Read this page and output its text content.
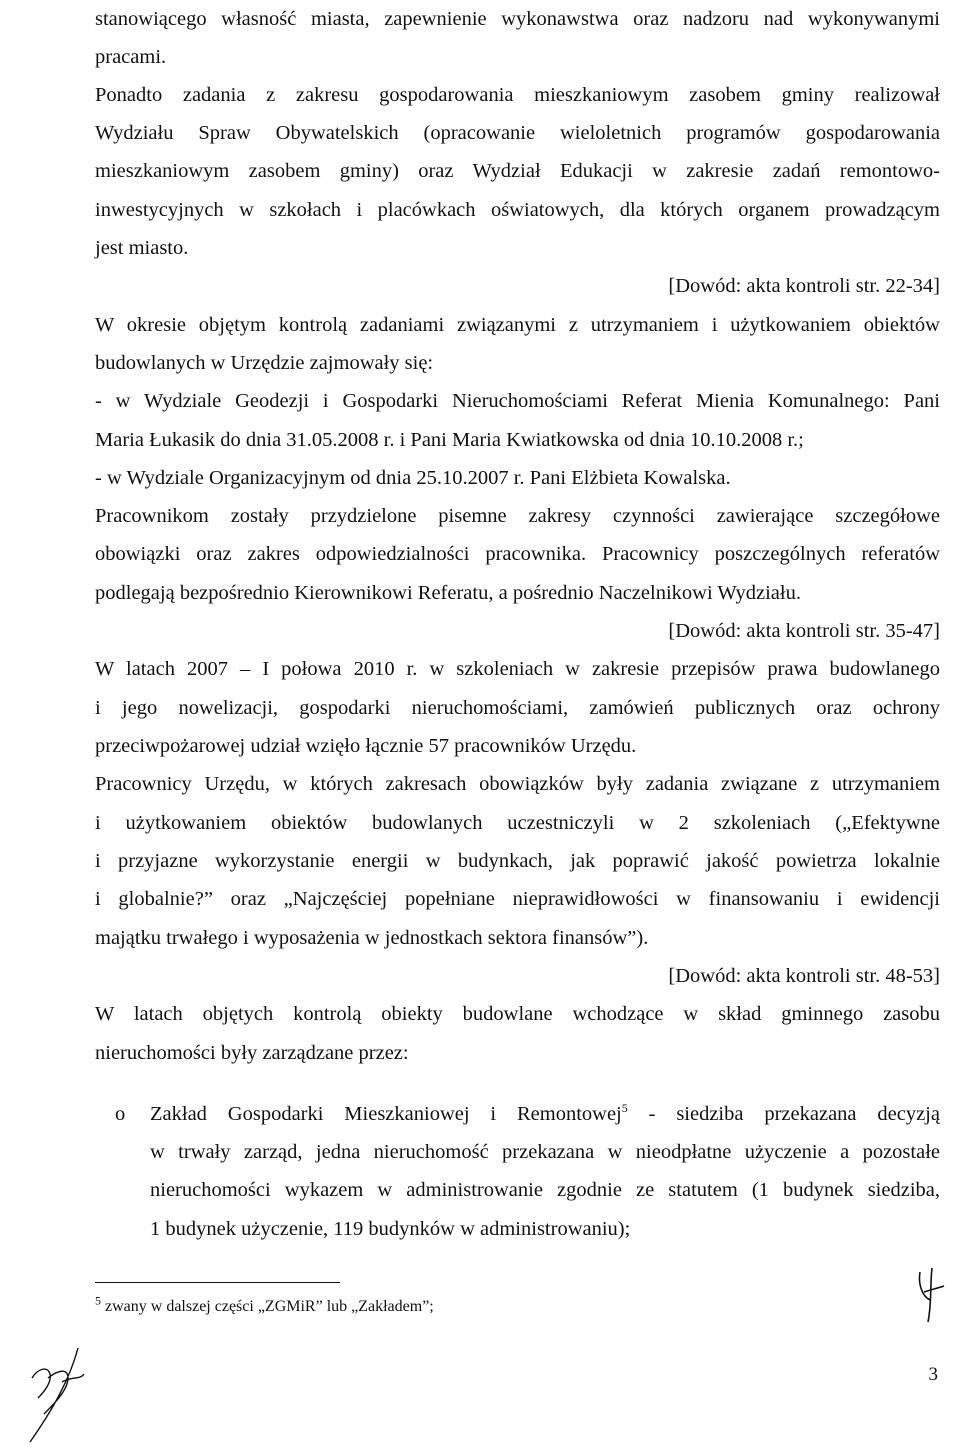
stanowiącego własność miasta, zapewnienie wykonawstwa oraz nadzoru nad wykonywanymi
pracami.
Ponadto zadania z zakresu gospodarowania mieszkaniowym zasobem gminy realizował
Wydziału Spraw Obywatelskich (opracowanie wieloletnich programów gospodarowania
mieszkaniowym zasobem gminy) oraz Wydział Edukacji w zakresie zadań remontowo-
inwestycyjnych w szkołach i placówkach oświatowych, dla których organem prowadzącym
jest miasto.
[Dowód: akta kontroli str. 22-34]
W okresie objętym kontrolą zadaniami związanymi z utrzymaniem i użytkowaniem obiektów
budowlanych w Urzędzie zajmowały się:
- w Wydziale Geodezji i Gospodarki Nieruchomościami Referat Mienia Komunalnego: Pani
Maria Łukasik do dnia 31.05.2008 r. i Pani Maria Kwiatkowska od dnia 10.10.2008 r.;
- w Wydziale Organizacyjnym od dnia 25.10.2007 r. Pani Elżbieta Kowalska.
Pracownikom zostały przydzielone pisemne zakresy czynności zawierające szczegółowe
obowiązki oraz zakres odpowiedzialności pracownika. Pracownicy poszczególnych referatów
podlegają bezpośrednio Kierownikowi Referatu, a pośrednio Naczelnikowi Wydziału.
[Dowód: akta kontroli str. 35-47]
W latach 2007 – I połowa 2010 r. w szkoleniach w zakresie przepisów prawa budowlanego
i jego nowelizacji, gospodarki nieruchomościami, zamówień publicznych oraz ochrony
przeciwpożarowej udział wzięło łącznie 57 pracowników Urzędu.
Pracownicy Urzędu, w których zakresach obowiązków były zadania związane z utrzymaniem
i użytkowaniem obiektów budowlanych uczestniczyli w 2 szkoleniach („Efektywne
i przyjazne wykorzystanie energii w budynkach, jak poprawić jakość powietrza lokalnie
i globalnie?” oraz „Najczęściej popełniane nieprawidłowości w finansowaniu i ewidencji
majątku trwałego i wyposażenia w jednostkach sektora finansów”).
[Dowód: akta kontroli str. 48-53]
W latach objętych kontrolą obiekty budowlane wchodzące w skład gminnego zasobu
nieruchomości były zarządzane przez:
o Zakład Gospodarki Mieszkaniowej i Remontowej$^5$ - siedziba przekazana decyzją
w trwały zarząd, jedna nieruchomość przekazana w nieodpłatne użyczenie a pozostałe
nieruchomości wykazem w administrowanie zgodnie ze statutem (1 budynek siedziba,
1 budynek użyczenie, 119 budynków w administrowaniu);
$^5$ zwany w dalszej części „ZGMiR” lub „Zakładem”;
3
